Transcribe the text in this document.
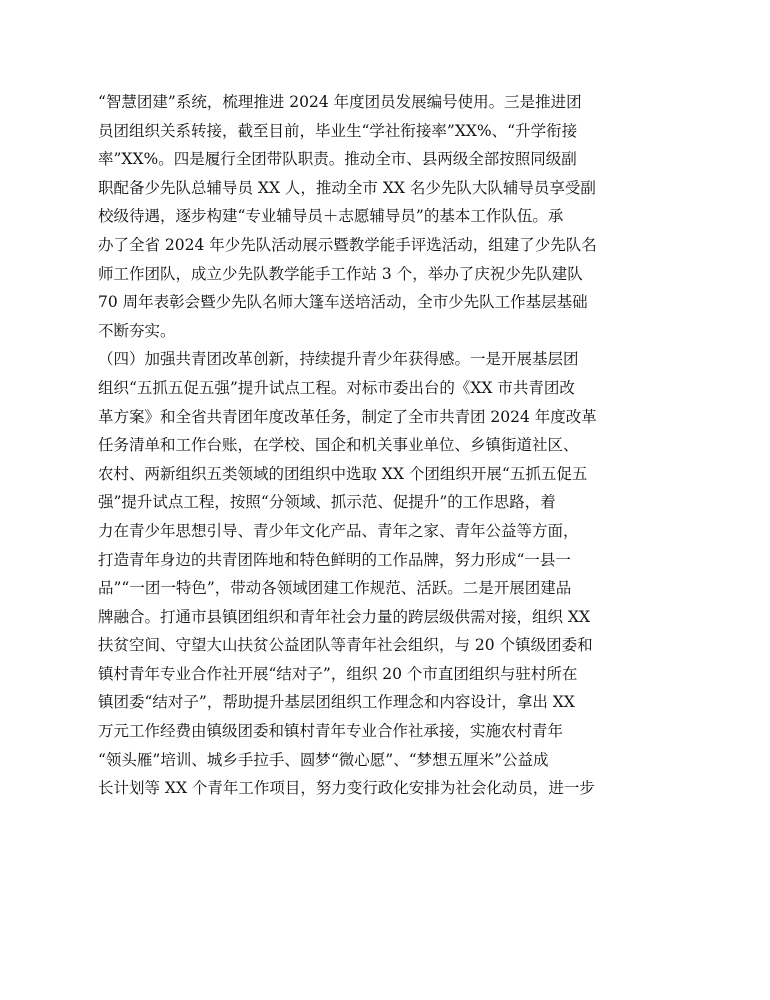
“智慧团建”系统，梳理推进 2024 年度团员发展编号使用。三是推进团
员团组织关系转接，截至目前，毕业生“学社衔接率”XX%、“升学衔接
率”XX%。四是履行全团带队职责。推动全市、县两级全部按照同级副
职配备少先队总辅导员 XX 人，推动全市 XX 名少先队大队辅导员享受副
校级待遇，逐步构建“专业辅导员＋志愿辅导员”的基本工作队伍。承
办了全省 2024 年少先队活动展示暨教学能手评选活动，组建了少先队名
师工作团队，成立少先队教学能手工作站 3 个，举办了庆祝少先队建队
70 周年表彰会暨少先队名师大篷车送培活动，全市少先队工作基层基础
不断夯实。
（四）加强共青团改革创新，持续提升青少年获得感。一是开展基层团
组织“五抓五促五强”提升试点工程。对标市委出台的《XX 市共青团改
革方案》和全省共青团年度改革任务，制定了全市共青团 2024 年度改革
任务清单和工作台账，在学校、国企和机关事业单位、乡镇街道社区、
农村、两新组织五类领域的团组织中选取 XX 个团组织开展“五抓五促五
强”提升试点工程，按照“分领域、抓示范、促提升”的工作思路，着
力在青少年思想引导、青少年文化产品、青年之家、青年公益等方面，
打造青年身边的共青团阵地和特色鲜明的工作品牌，努力形成“一县一
品”“一团一特色”，带动各领域团建工作规范、活跃。二是开展团建品
牌融合。打通市县镇团组织和青年社会力量的跨层级供需对接，组织 XX
扶贫空间、守望大山扶贫公益团队等青年社会组织，与 20 个镇级团委和
镇村青年专业合作社开展“结对子”，组织 20 个市直团组织与驻村所在
镇团委“结对子”，帮助提升基层团组织工作理念和内容设计，拿出 XX
万元工作经费由镇级团委和镇村青年专业合作社承接，实施农村青年
“领头雁”培训、城乡手拉手、圆梦“微心愿”、“梦想五厘米”公益成
长计划等 XX 个青年工作项目，努力变行政化安排为社会化动员，进一步
